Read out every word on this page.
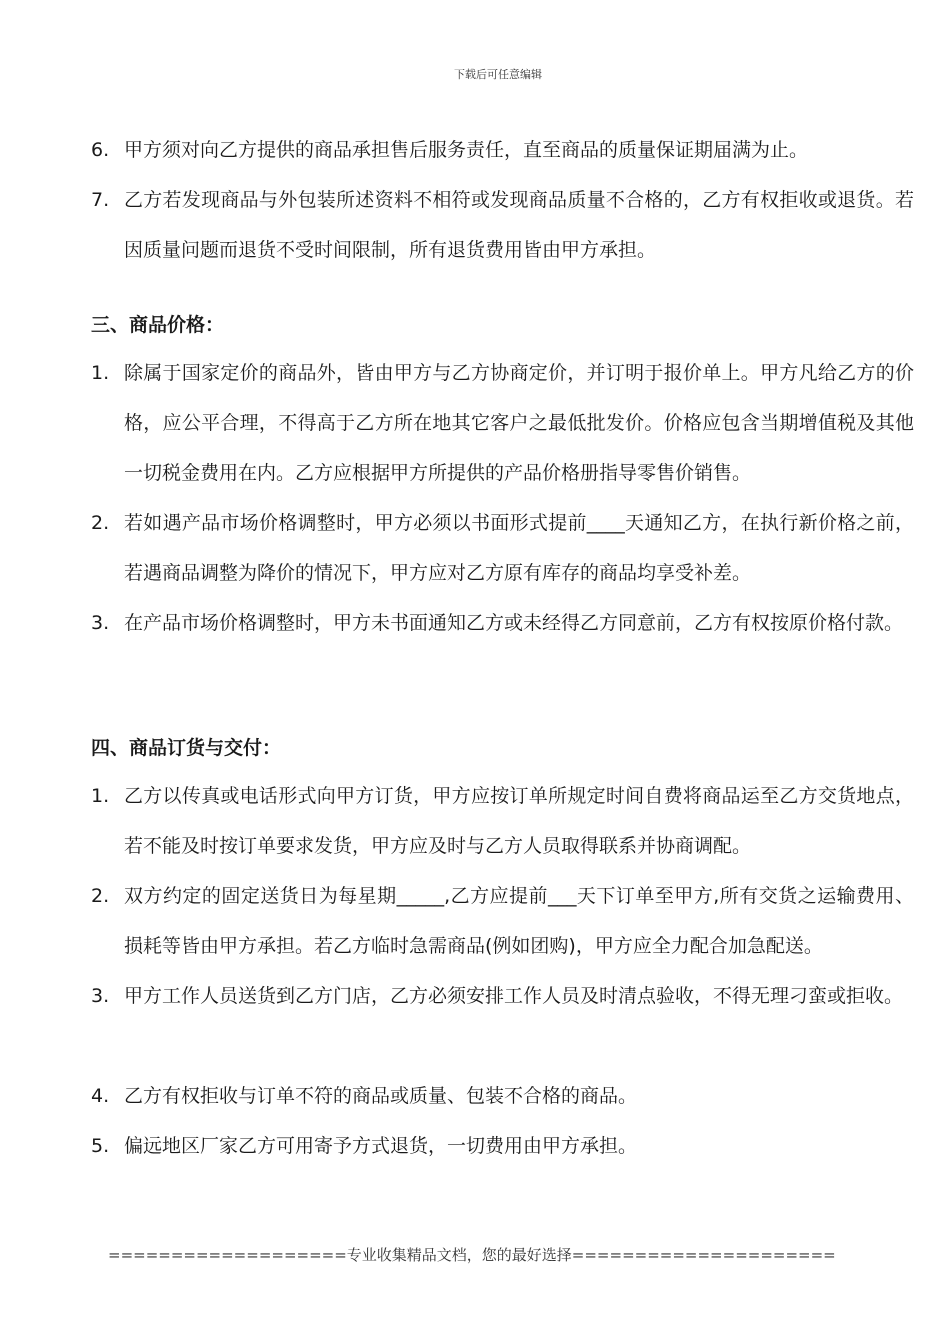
下载后可任意编辑
6. 甲方须对向乙方提供的商品承担售后服务责任，直至商品的质量保证期届满为止。
7. 乙方若发现商品与外包装所述资料不相符或发现商品质量不合格的，乙方有权拒收或退货。若因质量问题而退货不受时间限制，所有退货费用皆由甲方承担。
三、商品价格：
1. 除属于国家定价的商品外，皆由甲方与乙方协商定价，并订明于报价单上。甲方凡给乙方的价格，应公平合理，不得高于乙方所在地其它客户之最低批发价。价格应包含当期增值税及其他一切税金费用在内。乙方应根据甲方所提供的产品价格册指导零售价销售。
2. 若如遇产品市场价格调整时，甲方必须以书面形式提前____天通知乙方，在执行新价格之前，若遇商品调整为降价的情况下，甲方应对乙方原有库存的商品均享受补差。
3. 在产品市场价格调整时，甲方未书面通知乙方或未经得乙方同意前，乙方有权按原价格付款。
四、商品订货与交付：
1. 乙方以传真或电话形式向甲方订货，甲方应按订单所规定时间自费将商品运至乙方交货地点，若不能及时按订单要求发货，甲方应及时与乙方人员取得联系并协商调配。
2. 双方约定的固定送货日为每星期_____,乙方应提前___天下订单至甲方,所有交货之运输费用、损耗等皆由甲方承担。若乙方临时急需商品(例如团购)，甲方应全力配合加急配送。
3. 甲方工作人员送货到乙方门店，乙方必须安排工作人员及时清点验收，不得无理刁蛮或拒收。
4. 乙方有权拒收与订单不符的商品或质量、包装不合格的商品。
5. 偏远地区厂家乙方可用寄予方式退货，一切费用由甲方承担。
===================专业收集精品文档，您的最好选择=====================
